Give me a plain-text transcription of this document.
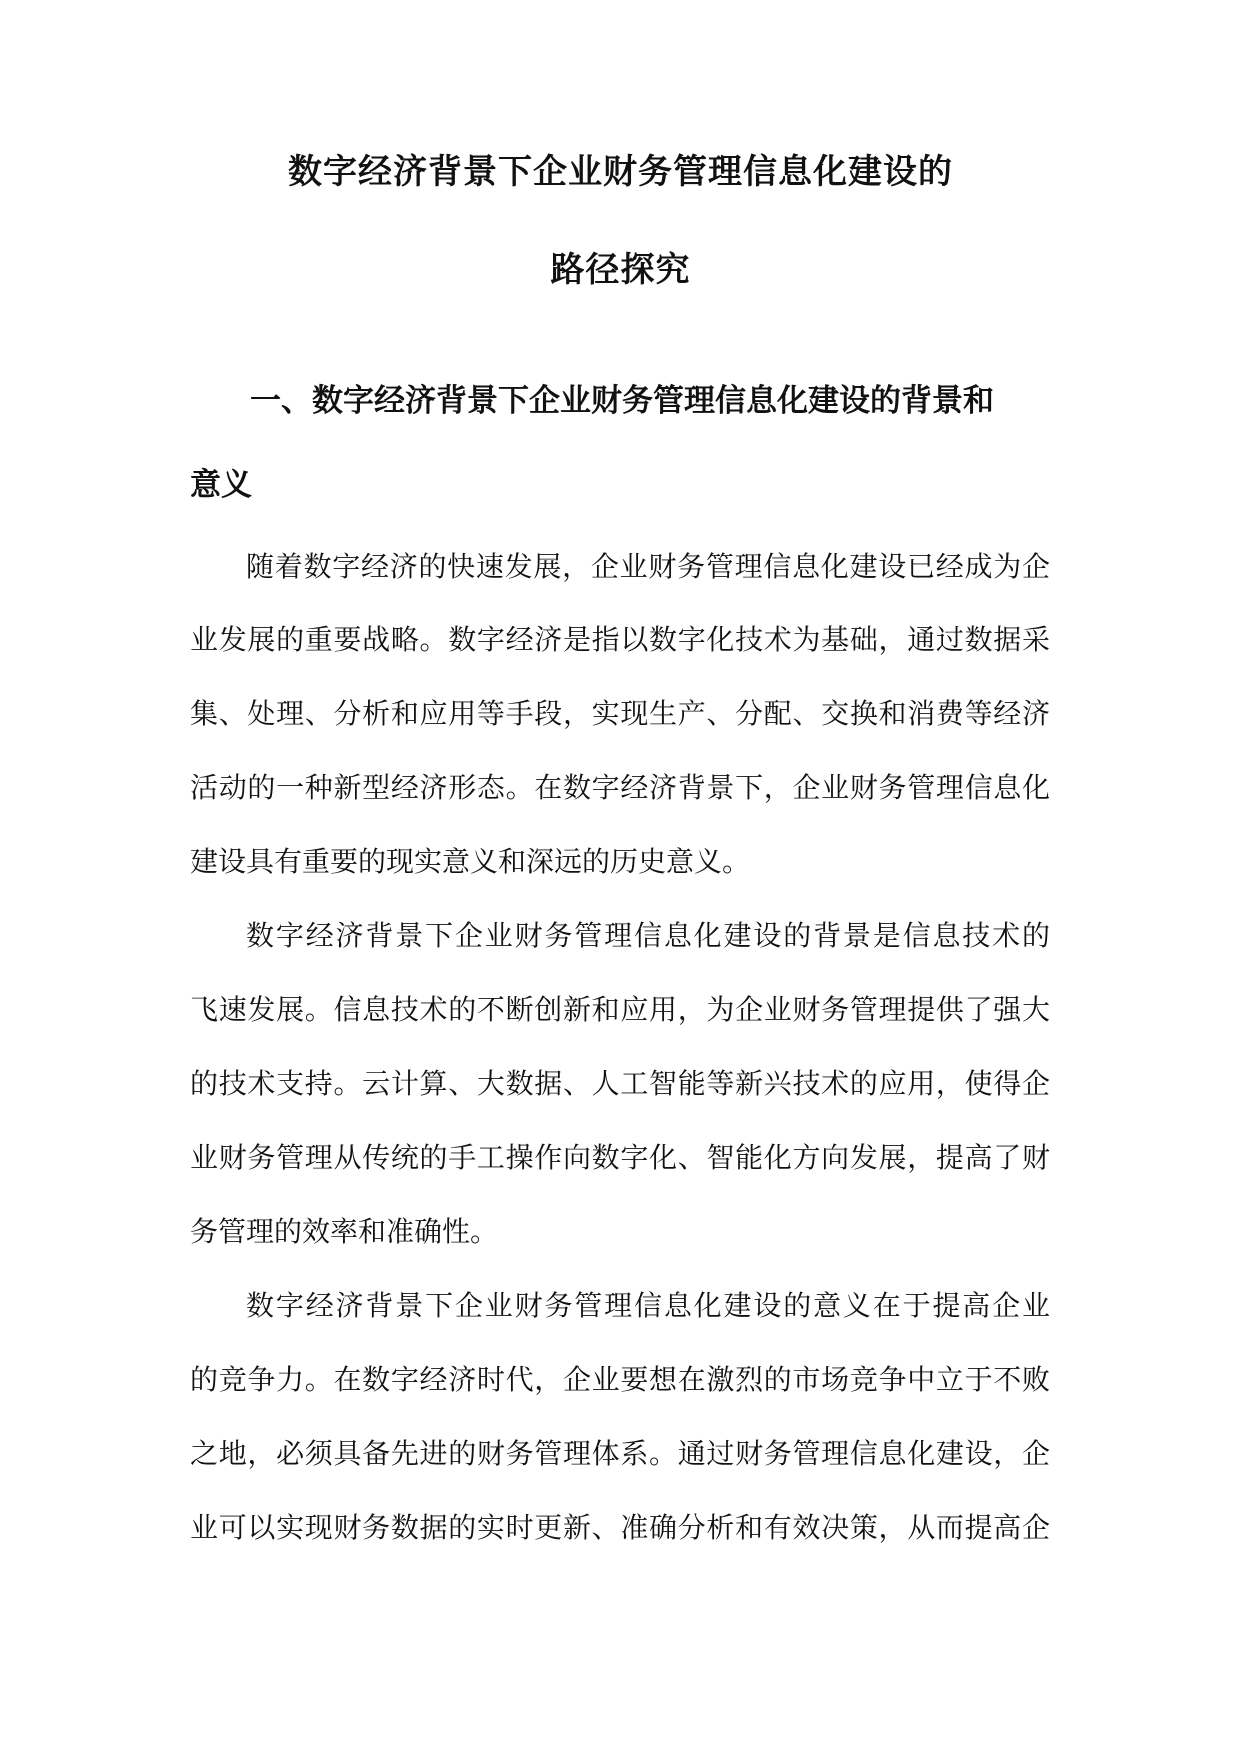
数字经济背景下企业财务管理信息化建设的
路径探究
一、数字经济背景下企业财务管理信息化建设的背景和
意义

随着数字经济的快速发展，企业财务管理信息化建设已经成为企

业发展的重要战略。数字经济是指以数字化技术为基础，通过数据采

集、处理、分析和应用等手段，实现生产、分配、交换和消费等经济

活动的一种新型经济形态。在数字经济背景下，企业财务管理信息化

建设具有重要的现实意义和深远的历史意义。

数字经济背景下企业财务管理信息化建设的背景是信息技术的

飞速发展。信息技术的不断创新和应用，为企业财务管理提供了强大

的技术支持。云计算、大数据、人工智能等新兴技术的应用，使得企

业财务管理从传统的手工操作向数字化、智能化方向发展，提高了财

务管理的效率和准确性。

数字经济背景下企业财务管理信息化建设的意义在于提高企业

的竞争力。在数字经济时代，企业要想在激烈的市场竞争中立于不败

之地，必须具备先进的财务管理体系。通过财务管理信息化建设，企

业可以实现财务数据的实时更新、准确分析和有效决策，从而提高企
